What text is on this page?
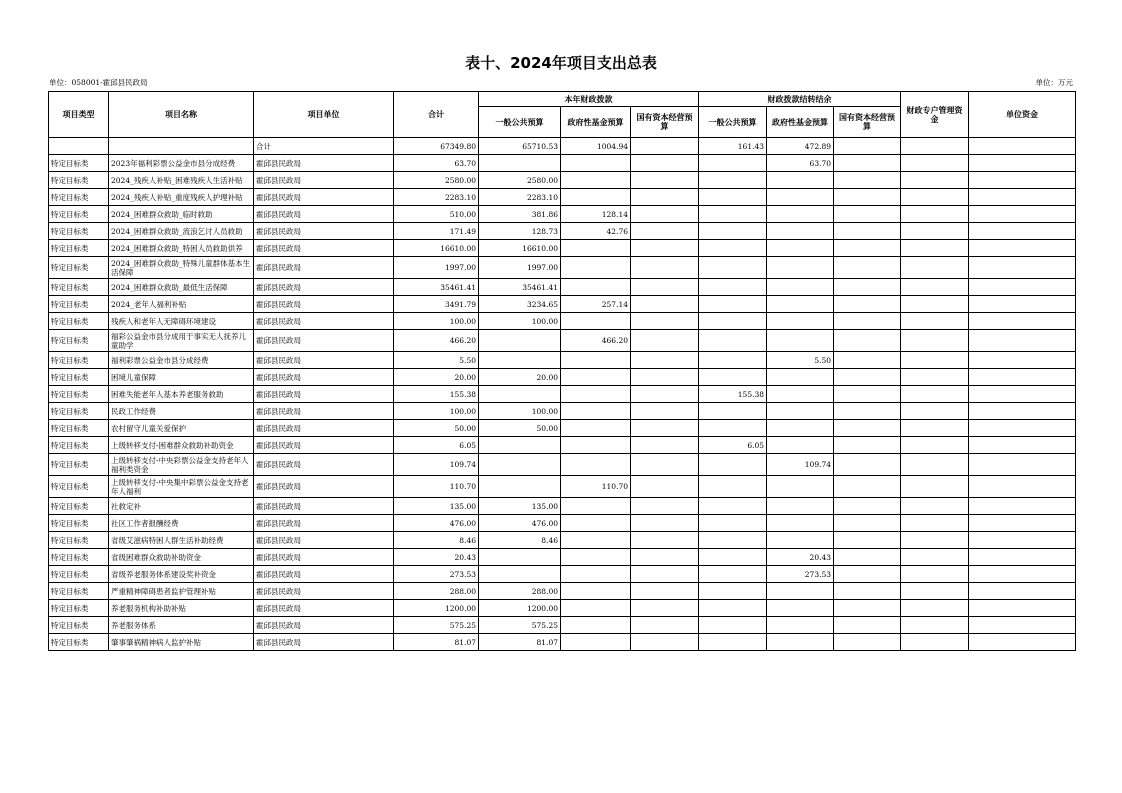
表十、2024年项目支出总表
单位：058001-霍邱县民政局	单位：万元
项目类型	项目名称	项目单位	合计	本年财政拨款			财政拨款结转结余			财政专户管理资金	单位资金
				一般公共预算	政府性基金预算	国有资本经营预算	一般公共预算	政府性基金预算	国有资本经营预算		
		合计	67349.80	65710.53	1004.94		161.43	472.89			
特定目标类	2023年福利彩票公益金市县分成经费	霍邱县民政局	63.70					63.70			
特定目标类	2024_残疾人补贴_困难残疾人生活补贴	霍邱县民政局	2580.00	2580.00							
特定目标类	2024_残疾人补贴_重度残疾人护理补贴	霍邱县民政局	2283.10	2283.10							
特定目标类	2024_困难群众救助_临时救助	霍邱县民政局	510.00	381.86	128.14						
特定目标类	2024_困难群众救助_流浪乞讨人员救助	霍邱县民政局	171.49	128.73	42.76						
特定目标类	2024_困难群众救助_特困人员救助供养	霍邱县民政局	16610.00	16610.00							
特定目标类	2024_困难群众救助_特殊儿童群体基本生活保障	霍邱县民政局	1997.00	1997.00							
特定目标类	2024_困难群众救助_最低生活保障	霍邱县民政局	35461.41	35461.41							
特定目标类	2024_老年人福利补贴	霍邱县民政局	3491.79	3234.65	257.14						
特定目标类	残疾人和老年人无障碍环境建设	霍邱县民政局	100.00	100.00							
特定目标类	福彩公益金市县分成用于事实无人抚养儿童助学	霍邱县民政局	466.20		466.20						
特定目标类	福利彩票公益金市县分成经费	霍邱县民政局	5.50					5.50			
特定目标类	困境儿童保障	霍邱县民政局	20.00	20.00							
特定目标类	困难失能老年人基本养老服务救助	霍邱县民政局	155.38				155.38				
特定目标类	民政工作经费	霍邱县民政局	100.00	100.00							
特定目标类	农村留守儿童关爱保护	霍邱县民政局	50.00	50.00							
特定目标类	上级转移支付-困难群众救助补助资金	霍邱县民政局	6.05				6.05				
特定目标类	上级转移支付-中央彩票公益金支持老年人福利类资金	霍邱县民政局	109.74					109.74			
特定目标类	上级转移支付-中央集中彩票公益金支持老年人福利	霍邱县民政局	110.70		110.70						
特定目标类	社救定补	霍邱县民政局	135.00	135.00							
特定目标类	社区工作者报酬经费	霍邱县民政局	476.00	476.00							
特定目标类	省级艾滋病特困人群生活补助经费	霍邱县民政局	8.46	8.46							
特定目标类	省级困难群众救助补助资金	霍邱县民政局	20.43					20.43			
特定目标类	省级养老服务体系建设奖补资金	霍邱县民政局	273.53					273.53			
特定目标类	严重精神障碍患者监护管理补贴	霍邱县民政局	288.00	288.00							
特定目标类	养老服务机构补助补贴	霍邱县民政局	1200.00	1200.00							
特定目标类	养老服务体系	霍邱县民政局	575.25	575.25							
特定目标类	肇事肇祸精神病人监护补贴	霍邱县民政局	81.07	81.07							
